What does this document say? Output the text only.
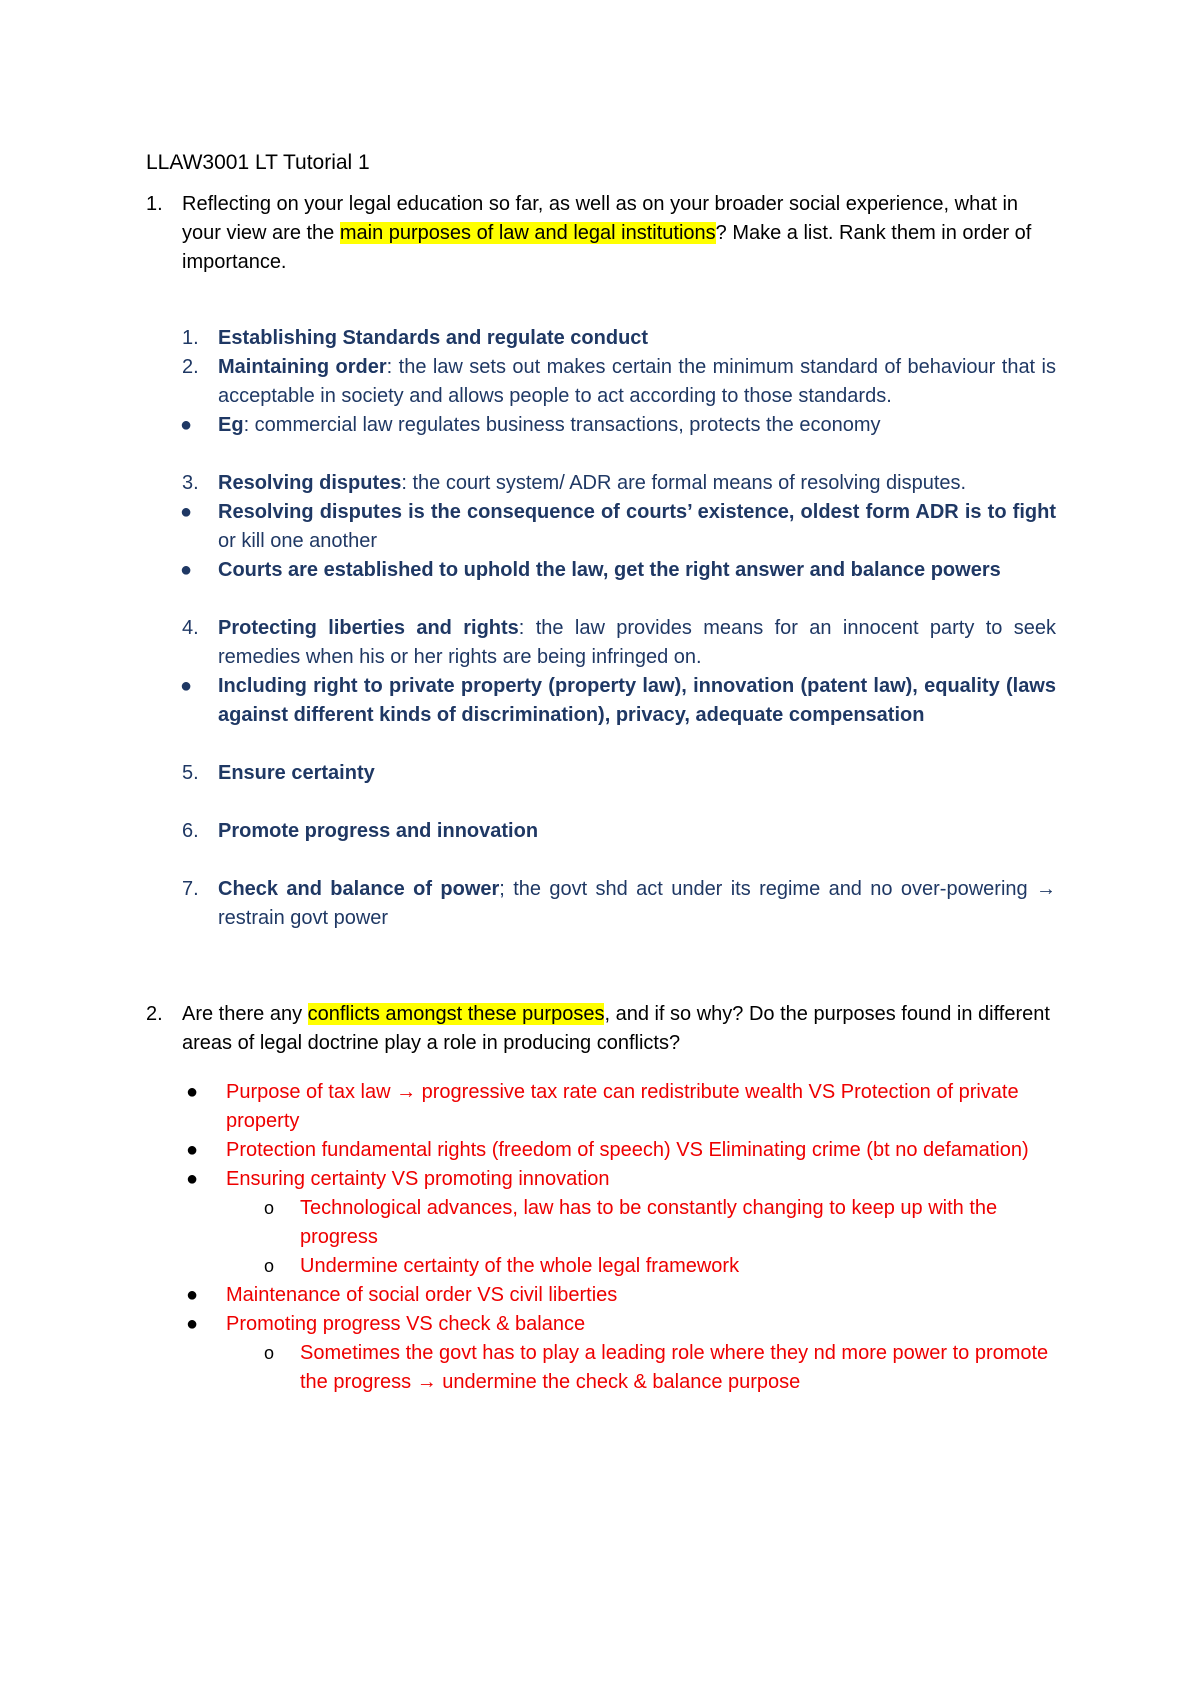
LLAW3001 LT Tutorial 1
1. Reflecting on your legal education so far, as well as on your broader social experience, what in your view are the main purposes of law and legal institutions? Make a list. Rank them in order of importance.
1. Establishing Standards and regulate conduct
2. Maintaining order: the law sets out makes certain the minimum standard of behaviour that is acceptable in society and allows people to act according to those standards.
● Eg: commercial law regulates business transactions, protects the economy
3. Resolving disputes: the court system/ ADR are formal means of resolving disputes.
● Resolving disputes is the consequence of courts’ existence, oldest form ADR is to fight or kill one another
● Courts are established to uphold the law, get the right answer and balance powers
4. Protecting liberties and rights: the law provides means for an innocent party to seek remedies when his or her rights are being infringed on.
● Including right to private property (property law), innovation (patent law), equality (laws against different kinds of discrimination), privacy, adequate compensation
5. Ensure certainty
6. Promote progress and innovation
7. Check and balance of power; the govt shd act under its regime and no over-powering → restrain govt power
2. Are there any conflicts amongst these purposes, and if so why? Do the purposes found in different areas of legal doctrine play a role in producing conflicts?
● Purpose of tax law → progressive tax rate can redistribute wealth VS Protection of private property
● Protection fundamental rights (freedom of speech) VS Eliminating crime (bt no defamation)
● Ensuring certainty VS promoting innovation
o Technological advances, law has to be constantly changing to keep up with the progress
o Undermine certainty of the whole legal framework
● Maintenance of social order VS civil liberties
● Promoting progress VS check & balance
o Sometimes the govt has to play a leading role where they nd more power to promote the progress → undermine the check & balance purpose
